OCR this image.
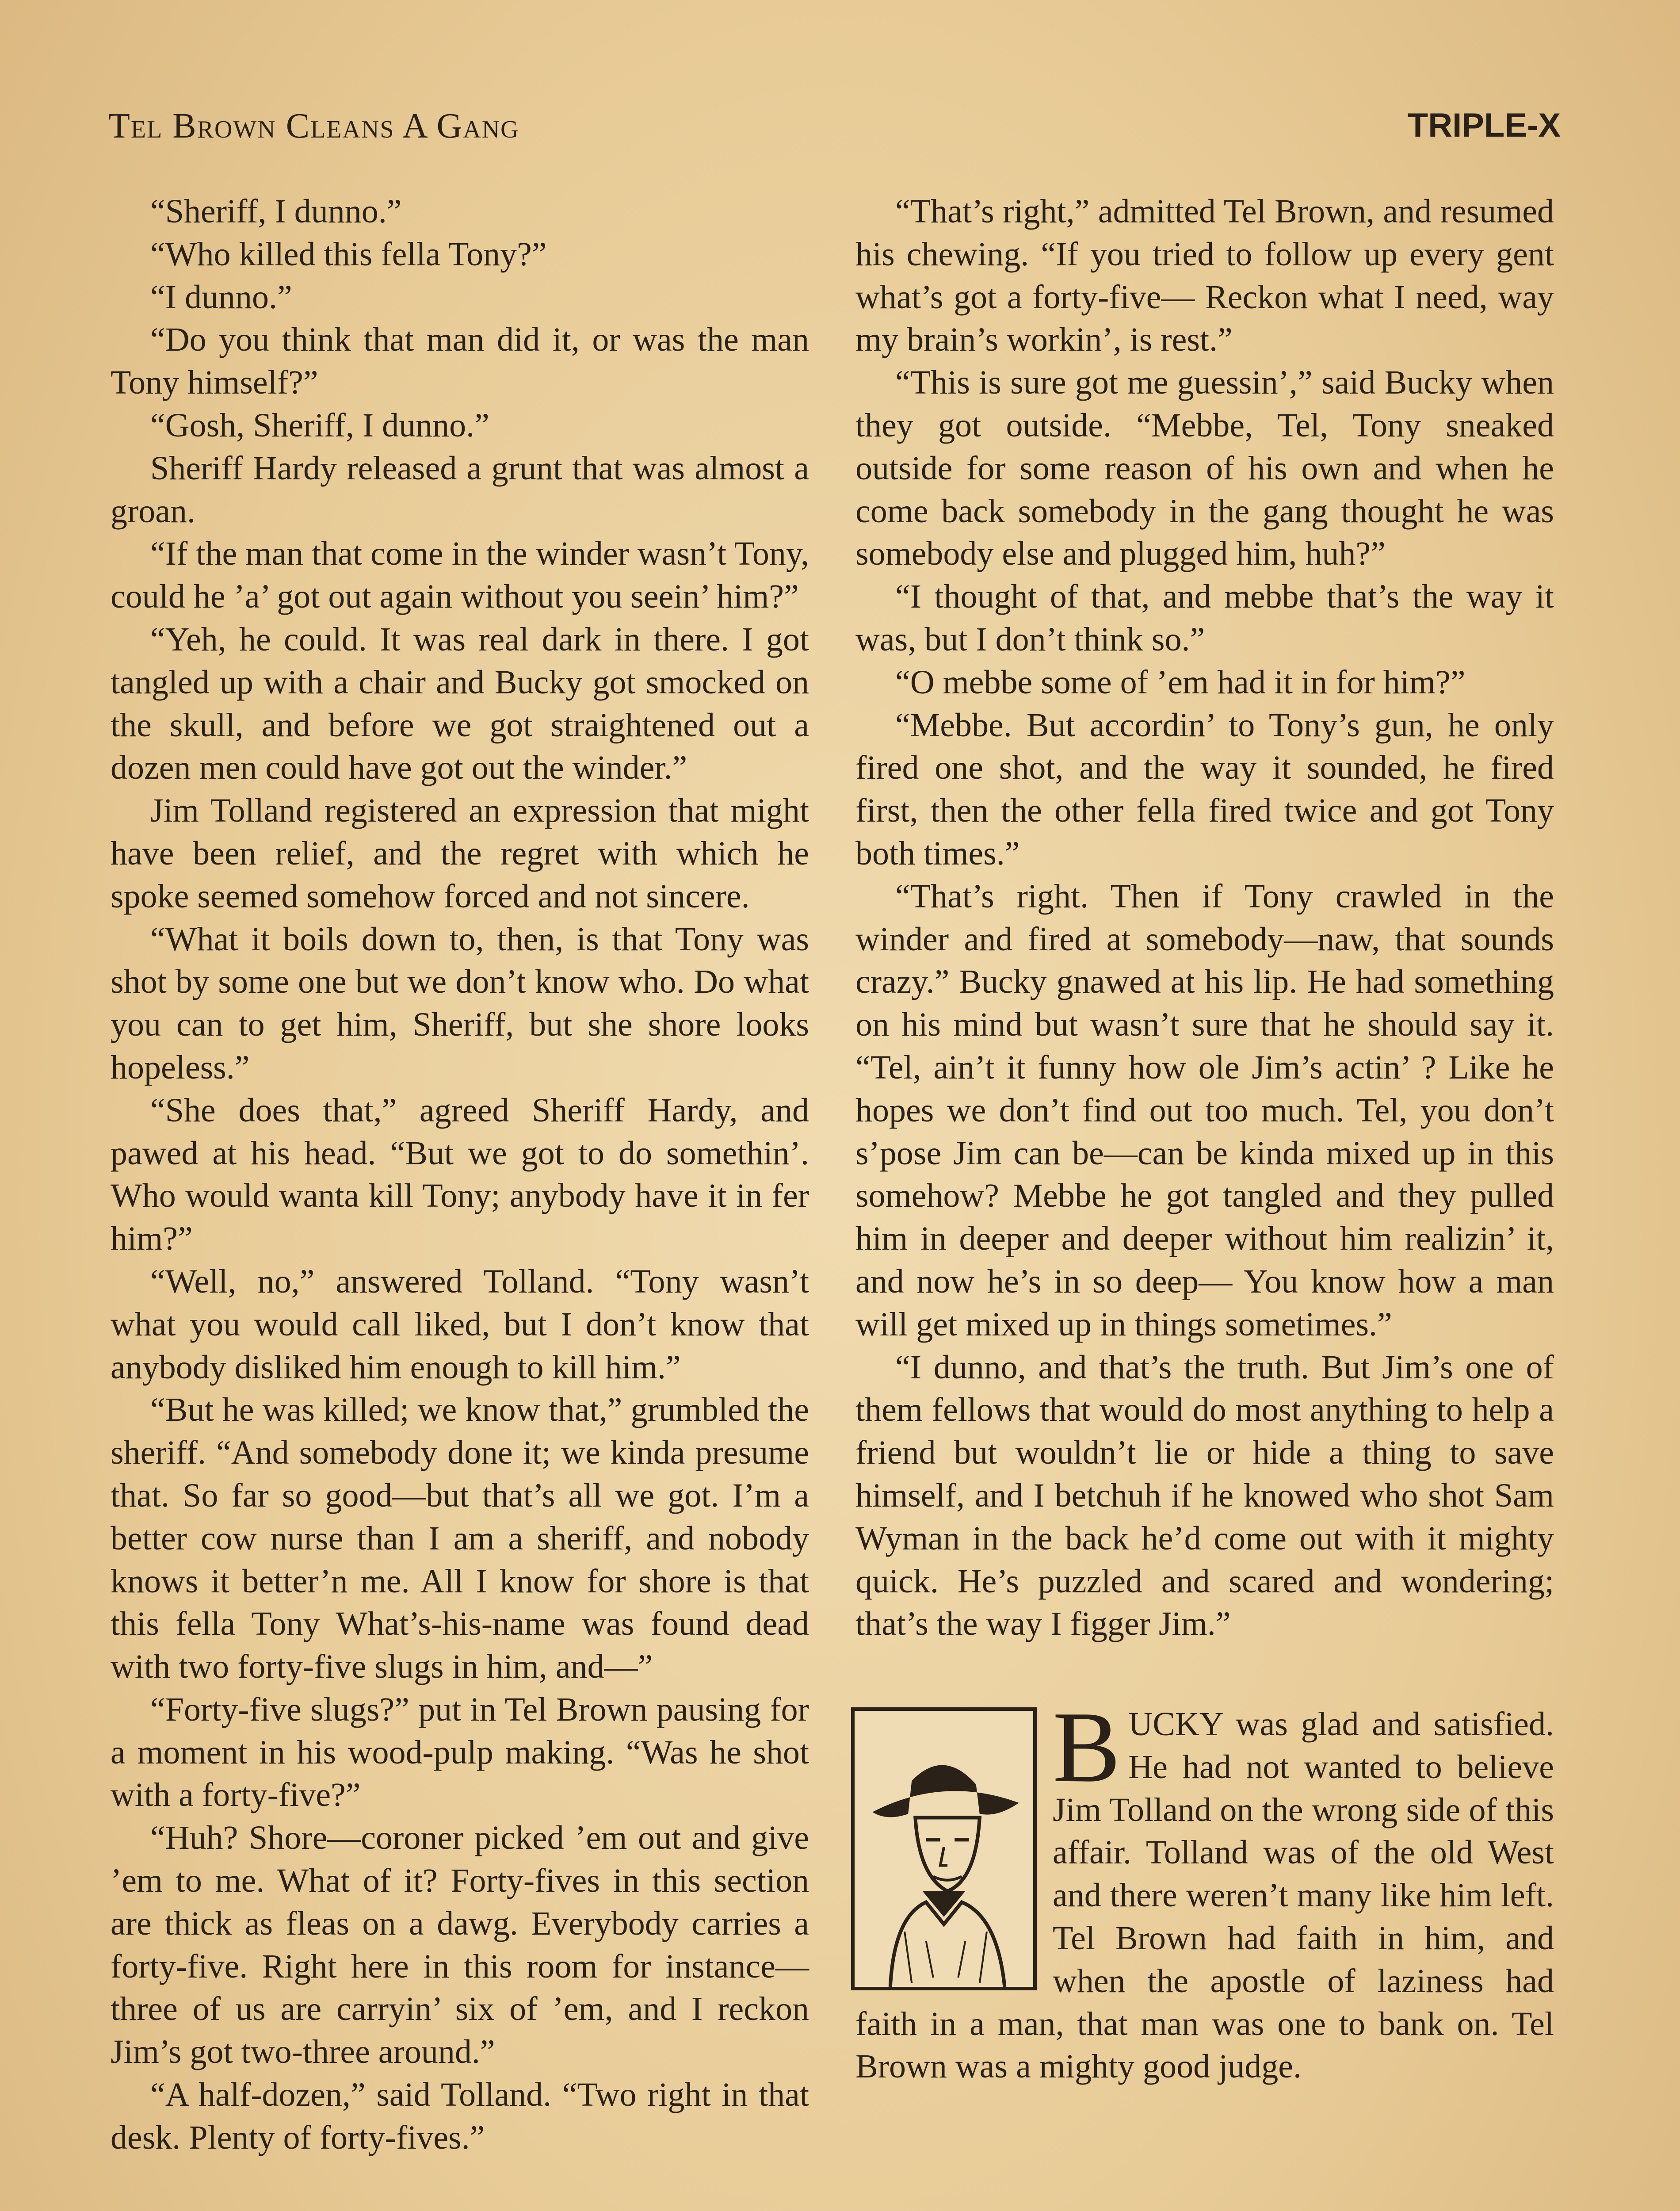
Tel Brown Cleans A Gang	TRIPLE-X

“Sheriff, I dunno.”

“Who killed this fella Tony?”

“I dunno.”

“Do you think that man did it, or was the man Tony himself?”

“Gosh, Sheriff, I dunno.”

Sheriff Hardy released a grunt that was almost a groan.

“If the man that come in the winder wasn’t Tony, could he ’a’ got out again without you seein’ him?”

“Yeh, he could. It was real dark in there. I got tangled up with a chair and Bucky got smocked on the skull, and before we got straightened out a dozen men could have got out the winder.”

Jim Tolland registered an expression that might have been relief, and the regret with which he spoke seemed somehow forced and not sincere.

“What it boils down to, then, is that Tony was shot by some one but we don’t know who. Do what you can to get him, Sheriff, but she shore looks hopeless.”

“She does that,” agreed Sheriff Hardy, and pawed at his head. “But we got to do somethin’. Who would wanta kill Tony; anybody have it in fer him?”

“Well, no,” answered Tolland. “Tony wasn’t what you would call liked, but I don’t know that anybody disliked him enough to kill him.”

“But he was killed; we know that,” grumbled the sheriff. “And somebody done it; we kinda presume that. So far so good—but that’s all we got. I’m a better cow nurse than I am a sheriff, and nobody knows it better’n me. All I know for shore is that this fella Tony What’s-his-name was found dead with two forty-five slugs in him, and—”

“Forty-five slugs?” put in Tel Brown pausing for a moment in his wood-pulp making. “Was he shot with a forty-five?”

“Huh? Shore—coroner picked ’em out and give ’em to me. What of it? Forty-fives in this section are thick as fleas on a dawg. Everybody carries a forty-five. Right here in this room for instance—three of us are carryin’ six of ’em, and I reckon Jim’s got two-three around.”

“A half-dozen,” said Tolland. “Two right in that desk. Plenty of forty-fives.”

“That’s right,” admitted Tel Brown, and resumed his chewing. “If you tried to follow up every gent what’s got a forty-five— Reckon what I need, way my brain’s workin’, is rest.”

“This is sure got me guessin’,” said Bucky when they got outside. “Mebbe, Tel, Tony sneaked outside for some reason of his own and when he come back somebody in the gang thought he was somebody else and plugged him, huh?”

“I thought of that, and mebbe that’s the way it was, but I don’t think so.”

“O mebbe some of ’em had it in for him?”

“Mebbe. But accordin’ to Tony’s gun, he only fired one shot, and the way it sounded, he fired first, then the other fella fired twice and got Tony both times.”

“That’s right. Then if Tony crawled in the winder and fired at somebody—naw, that sounds crazy.” Bucky gnawed at his lip. He had something on his mind but wasn’t sure that he should say it. “Tel, ain’t it funny how ole Jim’s actin’ ? Like he hopes we don’t find out too much. Tel, you don’t s’pose Jim can be—can be kinda mixed up in this somehow? Mebbe he got tangled and they pulled him in deeper and deeper without him realizin’ it, and now he’s in so deep— You know how a man will get mixed up in things sometimes.”

“I dunno, and that’s the truth. But Jim’s one of them fellows that would do most anything to help a friend but wouldn’t lie or hide a thing to save himself, and I betchuh if he knowed who shot Sam Wyman in the back he’d come out with it mighty quick. He’s puzzled and scared and wondering; that’s the way I figger Jim.”

BUCKY was glad and satisfied. He had not wanted to believe Jim Tolland on the wrong side of this affair. Tolland was of the old West and there weren’t many like him left. Tel Brown had faith in him, and when the apostle of laziness had faith in a man, that man was one to bank on. Tel Brown was a mighty good judge.
